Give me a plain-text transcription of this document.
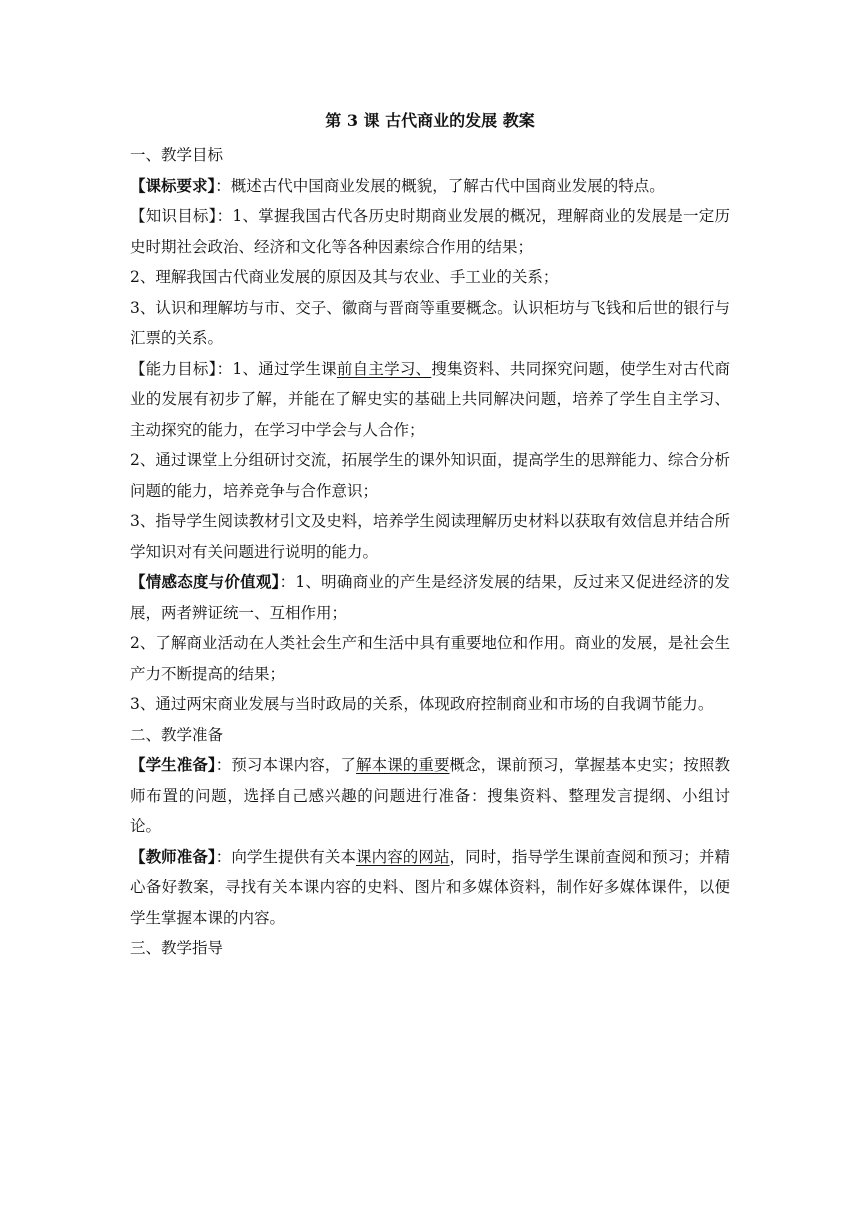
第 3 课 古代商业的发展 教案

一、教学目标

【课标要求】：概述古代中国商业发展的概貌，了解古代中国商业发展的特点。

【知识目标】：1、掌握我国古代各历史时期商业发展的概况，理解商业的发展是一定历史时期社会政治、经济和文化等各种因素综合作用的结果；

2、理解我国古代商业发展的原因及其与农业、手工业的关系；

3、认识和理解坊与市、交子、徽商与晋商等重要概念。认识柜坊与飞钱和后世的银行与汇票的关系。

【能力目标】：1、通过学生课前自主学习、搜集资料、共同探究问题，使学生对古代商业的发展有初步了解，并能在了解史实的基础上共同解决问题，培养了学生自主学习、主动探究的能力，在学习中学会与人合作；

2、通过课堂上分组研讨交流，拓展学生的课外知识面，提高学生的思辩能力、综合分析问题的能力，培养竞争与合作意识；

3、指导学生阅读教材引文及史料，培养学生阅读理解历史材料以获取有效信息并结合所学知识对有关问题进行说明的能力。

【情感态度与价值观】：1、明确商业的产生是经济发展的结果，反过来又促进经济的发展，两者辨证统一、互相作用；

2、了解商业活动在人类社会生产和生活中具有重要地位和作用。商业的发展，是社会生产力不断提高的结果；

3、通过两宋商业发展与当时政局的关系，体现政府控制商业和市场的自我调节能力。

二、教学准备

【学生准备】：预习本课内容，了解本课的重要概念，课前预习，掌握基本史实；按照教师布置的问题，选择自己感兴趣的问题进行准备：搜集资料、整理发言提纲、小组讨论。

【教师准备】：向学生提供有关本课内容的网站，同时，指导学生课前查阅和预习；并精心备好教案，寻找有关本课内容的史料、图片和多媒体资料，制作好多媒体课件，以便学生掌握本课的内容。

三、教学指导
